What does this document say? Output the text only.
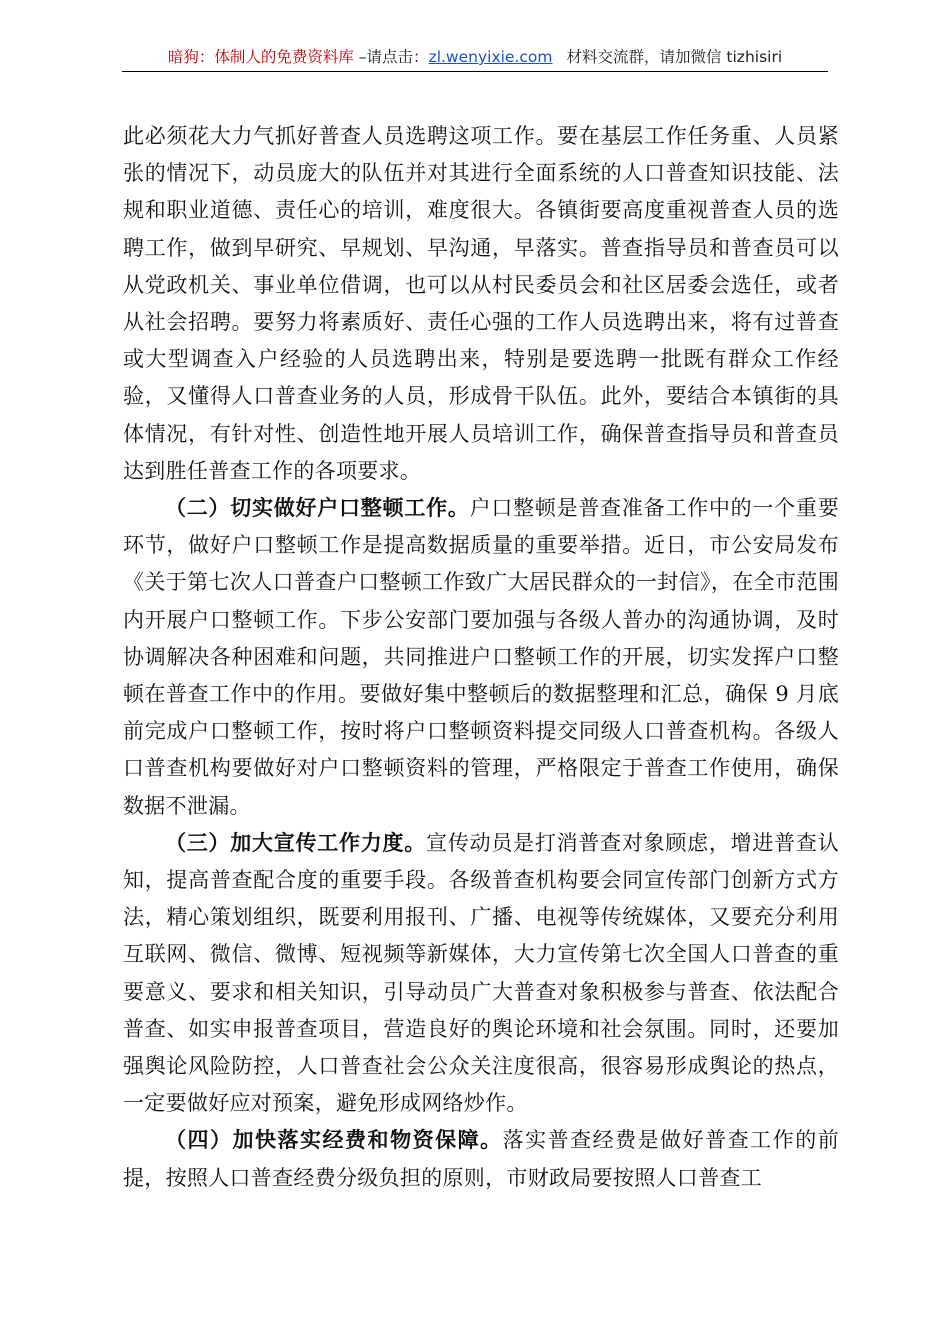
暗狗：体制人的免费资料库 –请点击：zl.wenyixie.com 材料交流群，请加微信 tizhisiri

此必须花大力气抓好普查人员选聘这项工作。要在基层工作任务重、人员紧张的情况下，动员庞大的队伍并对其进行全面系统的人口普查知识技能、法规和职业道德、责任心的培训，难度很大。各镇街要高度重视普查人员的选聘工作，做到早研究、早规划、早沟通，早落实。普查指导员和普查员可以从党政机关、事业单位借调，也可以从村民委员会和社区居委会选任，或者从社会招聘。要努力将素质好、责任心强的工作人员选聘出来，将有过普查或大型调查入户经验的人员选聘出来，特别是要选聘一批既有群众工作经验，又懂得人口普查业务的人员，形成骨干队伍。此外，要结合本镇街的具体情况，有针对性、创造性地开展人员培训工作，确保普查指导员和普查员达到胜任普查工作的各项要求。

（二）切实做好户口整顿工作。户口整顿是普查准备工作中的一个重要环节，做好户口整顿工作是提高数据质量的重要举措。近日，市公安局发布《关于第七次人口普查户口整顿工作致广大居民群众的一封信》，在全市范围内开展户口整顿工作。下步公安部门要加强与各级人普办的沟通协调，及时协调解决各种困难和问题，共同推进户口整顿工作的开展，切实发挥户口整顿在普查工作中的作用。要做好集中整顿后的数据整理和汇总，确保 9 月底前完成户口整顿工作，按时将户口整顿资料提交同级人口普查机构。各级人口普查机构要做好对户口整顿资料的管理，严格限定于普查工作使用，确保数据不泄漏。

（三）加大宣传工作力度。宣传动员是打消普查对象顾虑，增进普查认知，提高普查配合度的重要手段。各级普查机构要会同宣传部门创新方式方法，精心策划组织，既要利用报刊、广播、电视等传统媒体，又要充分利用互联网、微信、微博、短视频等新媒体，大力宣传第七次全国人口普查的重要意义、要求和相关知识，引导动员广大普查对象积极参与普查、依法配合普查、如实申报普查项目，营造良好的舆论环境和社会氛围。同时，还要加强舆论风险防控，人口普查社会公众关注度很高，很容易形成舆论的热点，一定要做好应对预案，避免形成网络炒作。

（四）加快落实经费和物资保障。落实普查经费是做好普查工作的前提，按照人口普查经费分级负担的原则，市财政局要按照人口普查工
